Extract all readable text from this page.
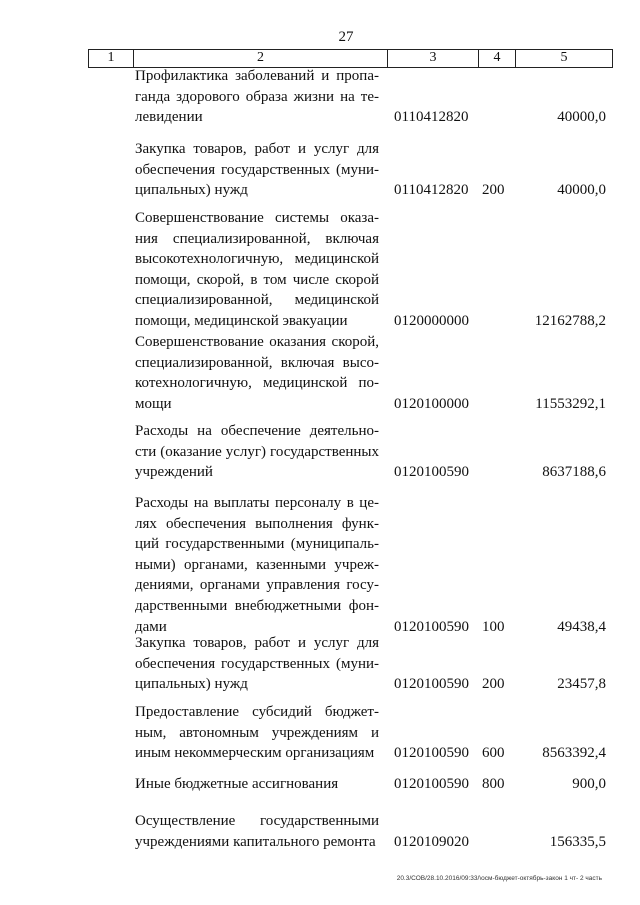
27
1	2	3	4	5
Профилактика заболеваний и пропа-
ганда здорового образа жизни на те-
левидении	0110412820	40000,0
Закупка товаров, работ и услуг для
обеспечения государственных (муни-
ципальных) нужд	0110412820 200	40000,0
Совершенствование системы оказа-
ния специализированной, включая
высокотехнологичную, медицинской
помощи, скорой, в том числе скорой
специализированной, медицинской
помощи, медицинской эвакуации	0120000000	12162788,2
Совершенствование оказания скорой,
специализированной, включая высо-
котехнологичную, медицинской по-
мощи	0120100000	11553292,1
Расходы на обеспечение деятельно-
сти (оказание услуг) государственных
учреждений	0120100590	8637188,6
Расходы на выплаты персоналу в це-
лях обеспечения выполнения функ-
ций государственными (муниципаль-
ными) органами, казенными учреж-
дениями, органами управления госу-
дарственными внебюджетными фон-
дами	0120100590 100	49438,4
Закупка товаров, работ и услуг для
обеспечения государственных (муни-
ципальных) нужд	0120100590 200	23457,8
Предоставление субсидий бюджет-
ным, автономным учреждениям и
иным некоммерческим организациям	0120100590 600	8563392,4
Иные бюджетные ассигнования	0120100590 800	900,0
Осуществление государственными
учреждениями капитального ремонта 0120109020	156335,5
20.3/СОВ/28.10.2016/09:33/\осм-бюджет-октябрь-закон 1 чт- 2 часть
